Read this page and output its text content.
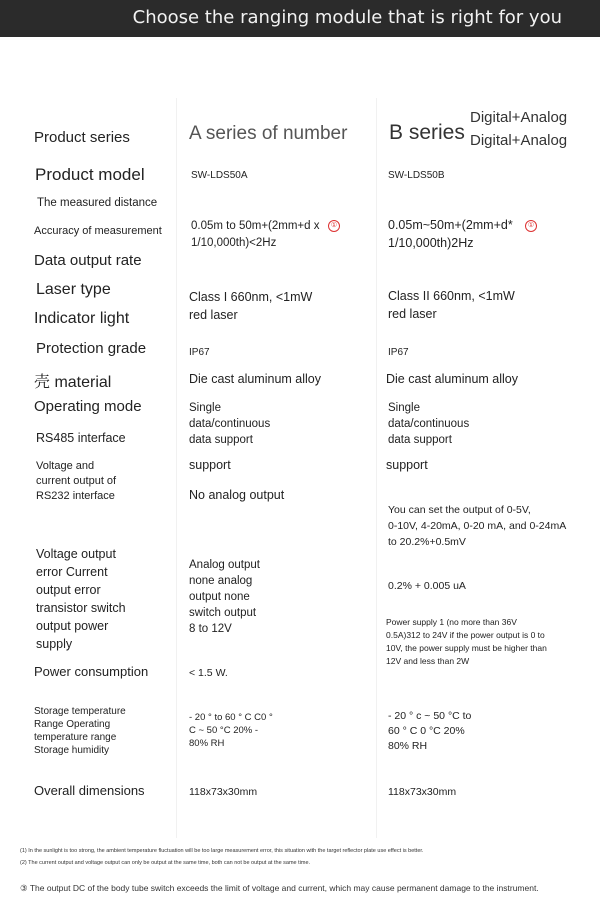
Choose the ranging module that is right for you
Product series	A series of number B series
Digital+Analog
Digital+Analog
Product model
The measured distance
Accuracy of measurement
Data output rate
Laser type
Indicator light
Protection grade
壳 material
Operating mode
RS485 interface
Voltage and
current output of
RS232 interface
Voltage output
error Current
output error
transistor switch
output power
supply
Power consumption
Storage temperature
Range Operating
temperature range
Storage humidity
Overall dimensions
SW-LDS50A
0.05m to 50m+(2mm+d x
1/10,000th)<2Hz
①
Class I 660nm, <1mW
red laser
IP67
Die cast aluminum alloy
Single
data/continuous
data support
support
No analog output
Analog output
none analog
output none
switch output
8 to 12V
< 1.5 W.
- 20 ° to 60 ° C C0 °
C ~ 50 °C 20% -
80% RH
118x73x30mm
SW-LDS50B
0.05m~50m+(2mm+d*
1/10,000th)2Hz
①
Class II 660nm, <1mW
red laser
IP67
Die cast aluminum alloy
Single
data/continuous
data support
support
You can set the output of 0-5V,
0-10V, 4-20mA, 0-20 mA, and 0-24mA
to 20.2%+0.5mV
0.2% + 0.005 uA
Power supply 1 (no more than 36V
0.5A)312 to 24V if the power output is 0 to
10V, the power supply must be higher than
12V and less than 2W
- 20 ° c ~ 50 °C to
60 ° C 0 °C 20%
80% RH
118x73x30mm
(1) In the sunlight is too strong, the ambient temperature fluctuation will be too large measurement error, this situation with the target reflector plate use effect is better.
(2) The current output and voltage output can only be output at the same time, both can not be output at the same time.
③ The output DC of the body tube switch exceeds the limit of voltage and current, which may cause permanent damage to the instrument.
